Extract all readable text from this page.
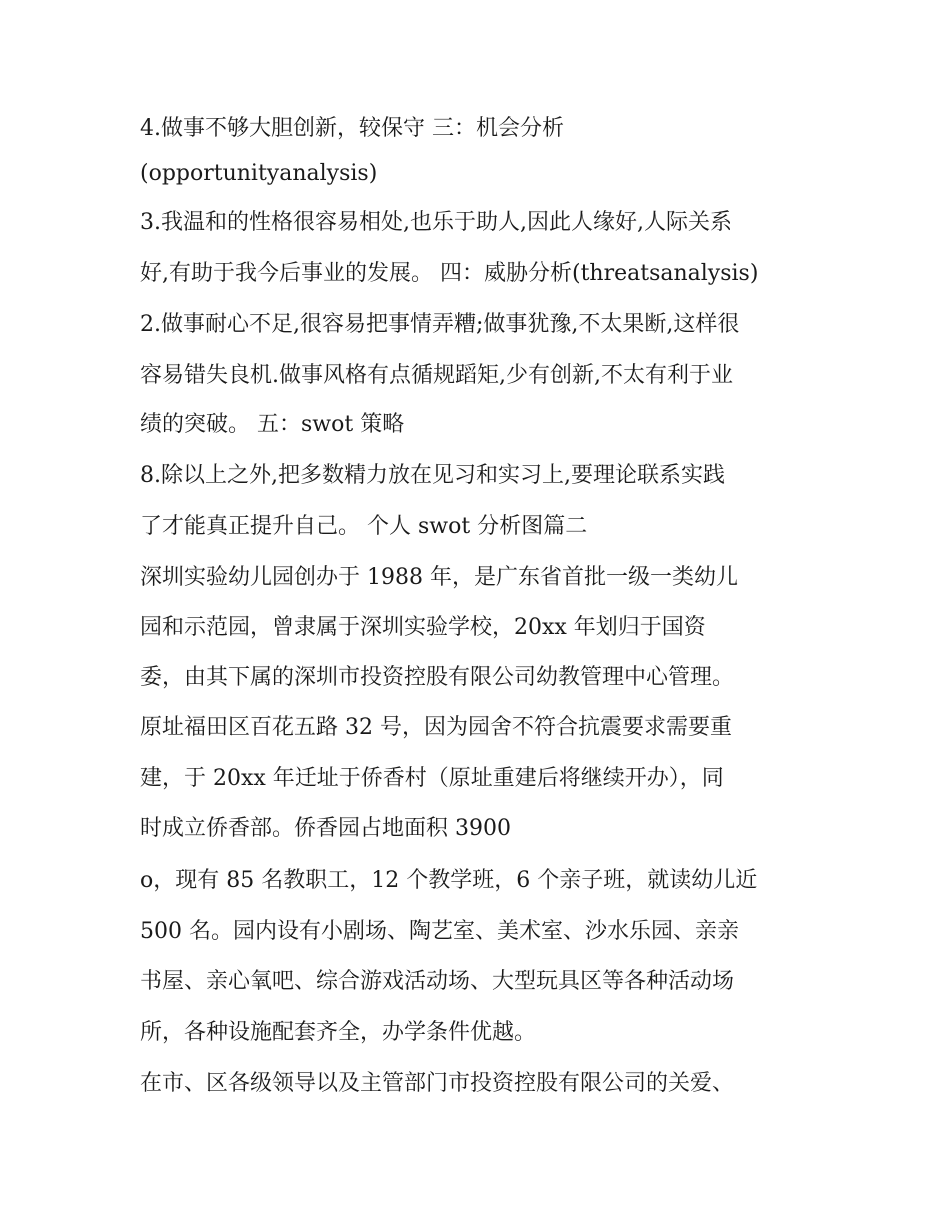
4.做事不够大胆创新，较保守 三：机会分析
(opportunityanalysis)
3.我温和的性格很容易相处,也乐于助人,因此人缘好,人际关系
好,有助于我今后事业的发展。 四：威胁分析(threatsanalysis)
2.做事耐心不足,很容易把事情弄糟;做事犹豫,不太果断,这样很
容易错失良机.做事风格有点循规蹈矩,少有创新,不太有利于业
绩的突破。 五：swot 策略
8.除以上之外,把多数精力放在见习和实习上,要理论联系实践
了才能真正提升自己。 个人 swot 分析图篇二
深圳实验幼儿园创办于 1988 年，是广东省首批一级一类幼儿
园和示范园，曾隶属于深圳实验学校，20xx 年划归于国资
委，由其下属的深圳市投资控股有限公司幼教管理中心管理。
原址福田区百花五路 32 号，因为园舍不符合抗震要求需要重
建，于 20xx 年迁址于侨香村（原址重建后将继续开办），同
时成立侨香部。侨香园占地面积 3900
o，现有 85 名教职工，12 个教学班，6 个亲子班，就读幼儿近
500 名。园内设有小剧场、陶艺室、美术室、沙水乐园、亲亲
书屋、亲心氧吧、综合游戏活动场、大型玩具区等各种活动场
所，各种设施配套齐全，办学条件优越。
在市、区各级领导以及主管部门市投资控股有限公司的关爱、
